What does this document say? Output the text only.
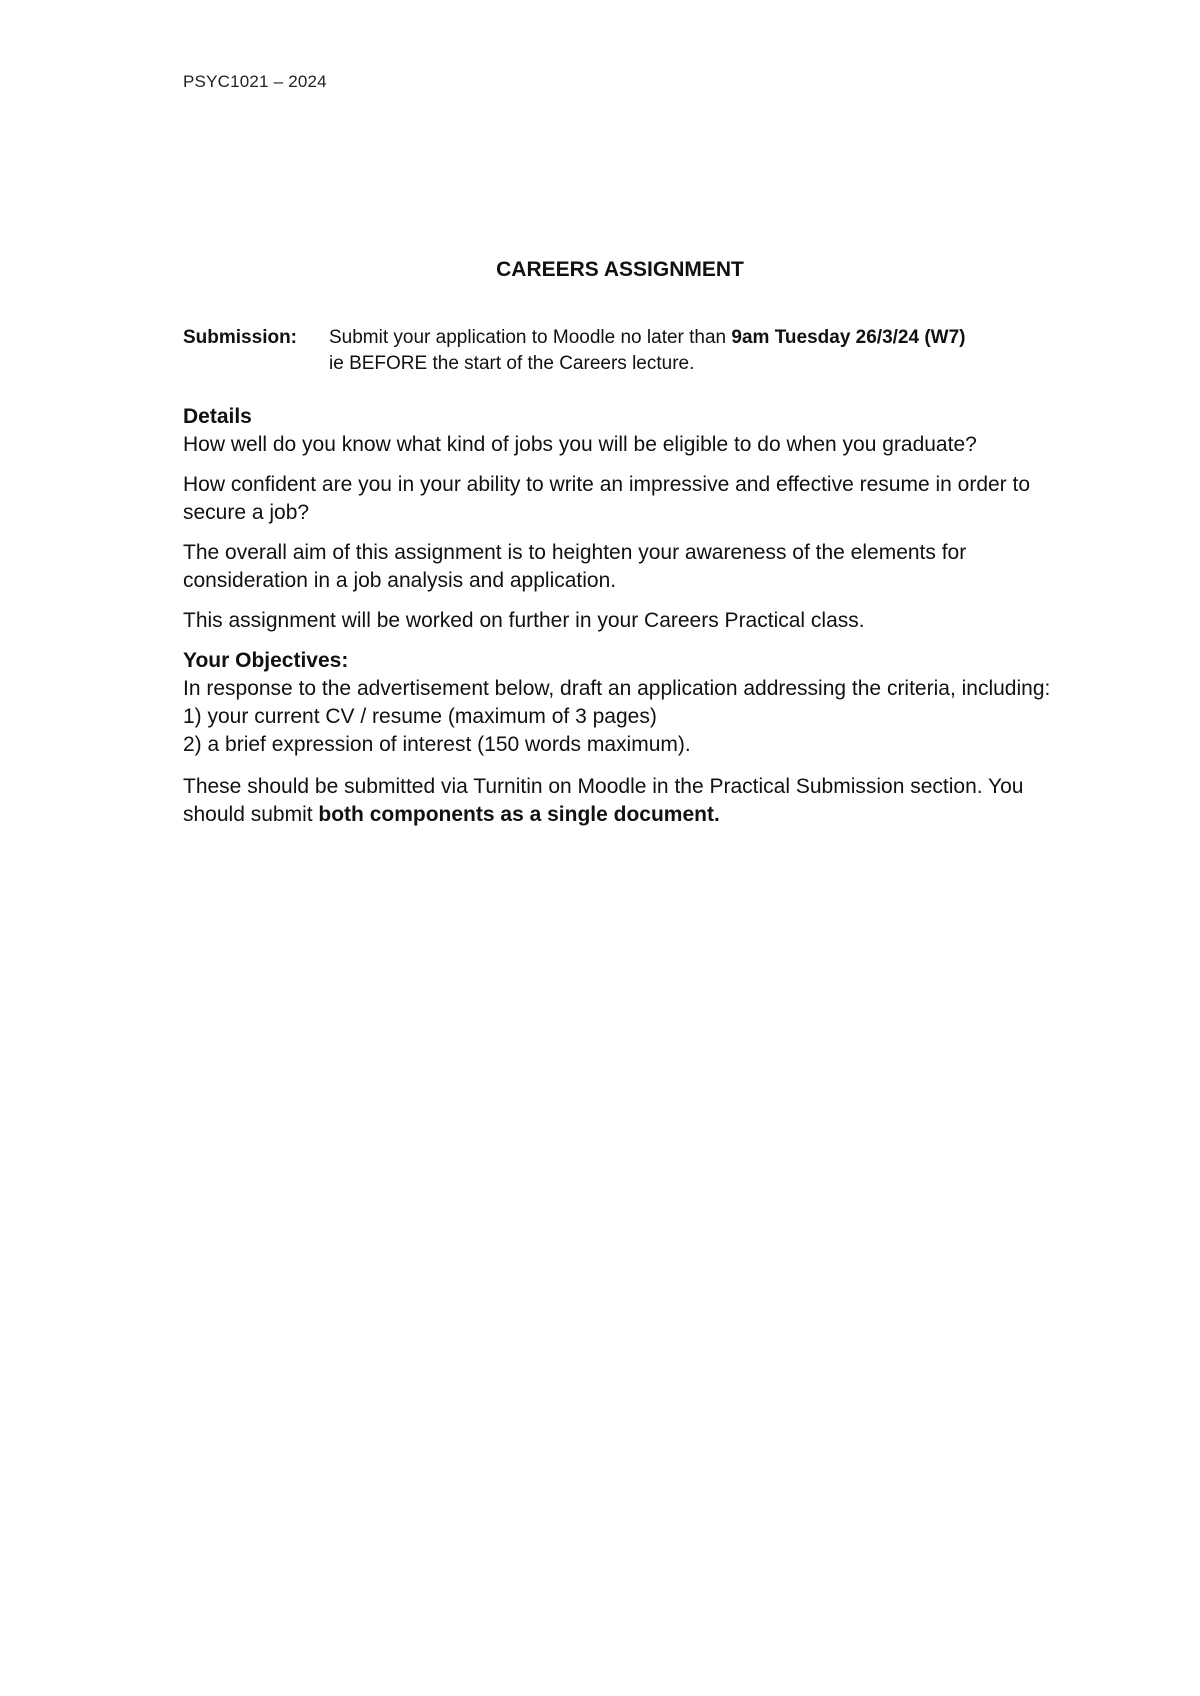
PSYC1021 – 2024
CAREERS ASSIGNMENT
Submission: Submit your application to Moodle no later than 9am Tuesday 26/3/24 (W7)
ie BEFORE the start of the Careers lecture.
Details

How well do you know what kind of jobs you will be eligible to do when you graduate?

How confident are you in your ability to write an impressive and effective resume in order to secure a job?

The overall aim of this assignment is to heighten your awareness of the elements for consideration in a job analysis and application.

This assignment will be worked on further in your Careers Practical class.

Your Objectives:
In response to the advertisement below, draft an application addressing the criteria, including:
1) your current CV / resume (maximum of 3 pages)
2) a brief expression of interest (150 words maximum).
These should be submitted via Turnitin on Moodle in the Practical Submission section. You should submit both components as a single document.
